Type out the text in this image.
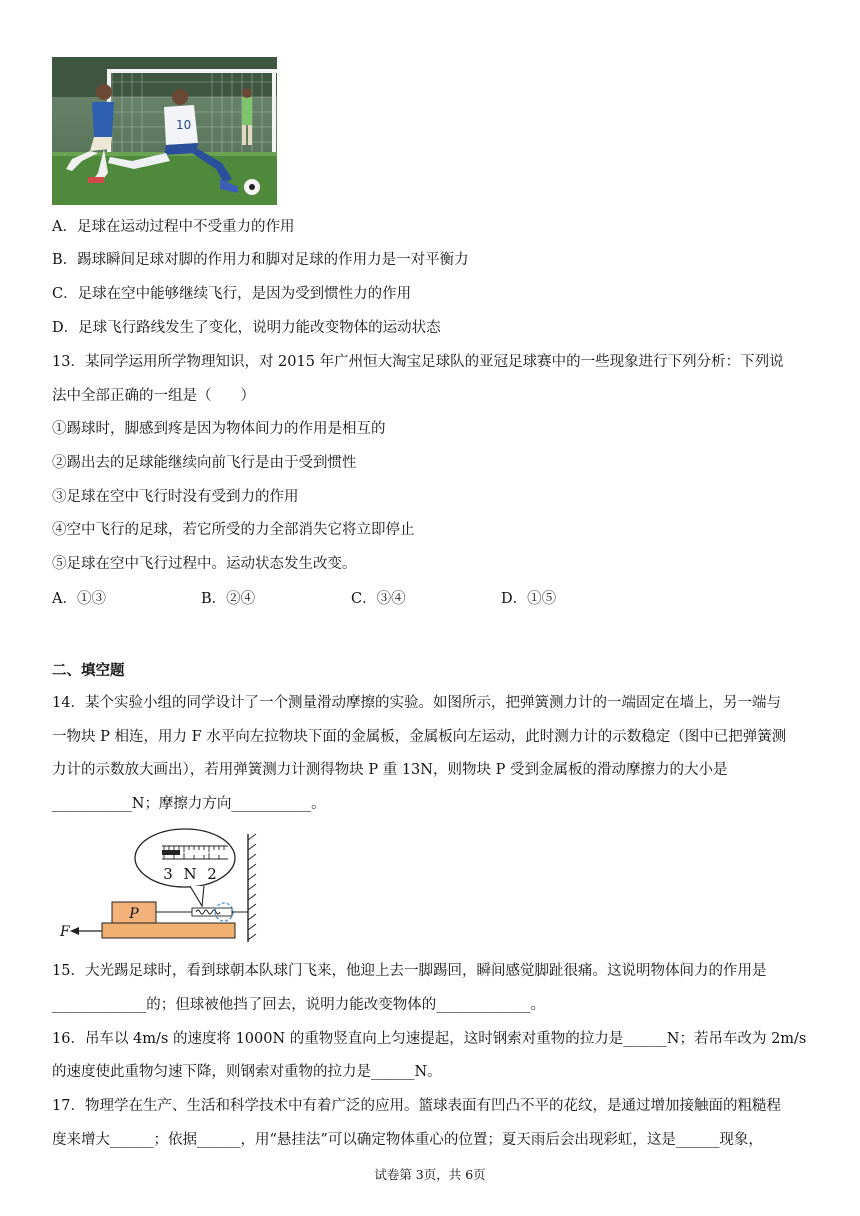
10
A．足球在运动过程中不受重力的作用
B．踢球瞬间足球对脚的作用力和脚对足球的作用力是一对平衡力
C．足球在空中能够继续飞行，是因为受到惯性力的作用
D．足球飞行路线发生了变化，说明力能改变物体的运动状态
13．某同学运用所学物理知识，对 2015 年广州恒大淘宝足球队的亚冠足球赛中的一些现象进行下列分析：下列说
法中全部正确的一组是（　　）
①踢球时，脚感到疼是因为物体间力的作用是相互的
②踢出去的足球能继续向前飞行是由于受到惯性
③足球在空中飞行时没有受到力的作用
④空中飞行的足球，若它所受的力全部消失它将立即停止
⑤足球在空中飞行过程中。运动状态发生改变。
A．①③	B．②④	C．③④	D．①⑤
二、填空题
14．某个实验小组的同学设计了一个测量滑动摩擦的实验。如图所示，把弹簧测力计的一端固定在墙上，另一端与
一物块 P 相连，用力 F 水平向左拉物块下面的金属板，金属板向左运动，此时测力计的示数稳定（图中已把弹簧测
力计的示数放大画出），若用弹簧测力计测得物块 P 重 13N，则物块 P 受到金属板的滑动摩擦力的大小是
___________N；摩擦力方向___________。
3 N 2
P
F
15．大光踢足球时，看到球朝本队球门飞来，他迎上去一脚踢回，瞬间感觉脚趾很痛。这说明物体间力的作用是
_____________的；但球被他挡了回去，说明力能改变物体的_____________。
16．吊车以 4m/s 的速度将 1000N 的重物竖直向上匀速提起，这时钢索对重物的拉力是______N；若吊车改为 2m/s
的速度使此重物匀速下降，则钢索对重物的拉力是______N。
17．物理学在生产、生活和科学技术中有着广泛的应用。篮球表面有凹凸不平的花纹，是通过增加接触面的粗糙程
度来增大______；依据______，用“悬挂法”可以确定物体重心的位置；夏天雨后会出现彩虹，这是______现象，
试卷第 3页，共 6页
